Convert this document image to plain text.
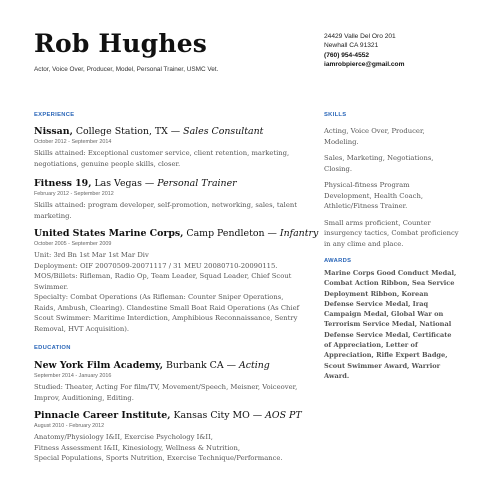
Rob Hughes
Actor, Voice Over, Producer, Model, Personal Trainer, USMC Vet.
24429 Valle Del Oro 201
Newhall CA 91321
(760) 954-4552
iamrobpierce@gmail.com
EXPERIENCE
Nissan, College Station, TX — Sales Consultant
October 2012 - September 2014
Skills attained: Exceptional customer service, client retention, marketing, negotiations, genuine people skills, closer.
Fitness 19, Las Vegas — Personal Trainer
February 2012 - September 2012
Skills attained: program developer, self-promotion, networking, sales, talent marketing.
United States Marine Corps, Camp Pendleton — Infantry
October 2005 - September 2009
Unit: 3rd Bn 1st Mar 1st Mar Div
Deployment: OIF 20070509-20071117 / 31 MEU 20080710-20090115.
MOS/Billets: Rifleman, Radio Op, Team Leader, Squad Leader, Chief Scout Swimmer.
Specialty: Combat Operations (As Rifleman: Counter Sniper Operations, Raids, Ambush, Clearing). Clandestine Small Boat Raid Operations (As Chief Scout Swimmer: Maritime Interdiction, Amphibious Reconnaissance, Sentry Removal, HVT Acquisition).
EDUCATION
New York Film Academy, Burbank CA — Acting
September 2014 - January 2016
Studied: Theater, Acting For film/TV, Movement/Speech, Meisner, Voiceover, Improv, Auditioning, Editing.
Pinnacle Career Institute, Kansas City MO — AOS PT
August 2010 - February 2012
Anatomy/Physiology I&II, Exercise Psychology I&II,
Fitness Assessment I&II, Kinesiology, Wellness & Nutrition,
Special Populations, Sports Nutrition, Exercise Technique/Performance.
SKILLS

Acting, Voice Over, Producer, Modeling.

Sales, Marketing, Negotiations, Closing.

Physical-fitness Program Development, Health Coach, Athletic/Fitness Trainer.

Small arms proficient, Counter insurgency tactics, Combat proficiency in any clime and place.

AWARDS
Marine Corps Good Conduct Medal, Combat Action Ribbon, Sea Service Deployment Ribbon, Korean Defense Service Medal, Iraq Campaign Medal, Global War on Terrorism Service Medal, National Defense Service Medal, Certificate of Appreciation, Letter of Appreciation, Rifle Expert Badge, Scout Swimmer Award, Warrior Award.
